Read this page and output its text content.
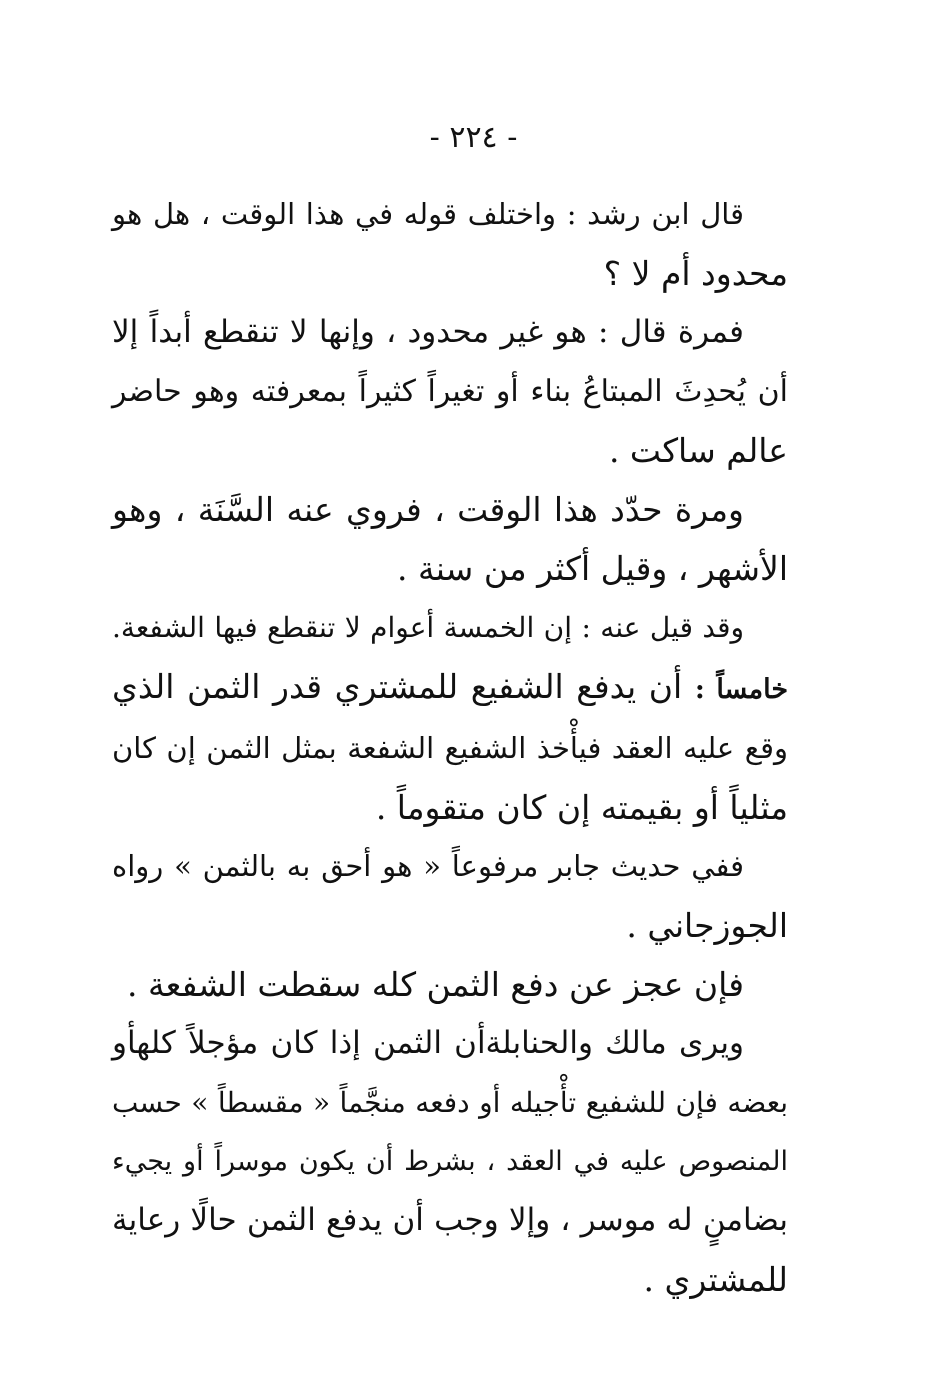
- ٢٢٤ -

قال ابن رشد : واختلف قوله في هذا الوقت ، هل هو
محدود أم لا ؟

فمرة قال : هو غير محدود ، وإنها لا تنقطع أبداً إلا
أن يُحدِثَ المبتاعُ بناء أو تغيراً كثيراً بمعرفته وهو حاضر
عالم ساكت .

ومرة حدّد هذا الوقت ، فروي عنه السَّنَة ، وهو
الأشهر ، وقيل أكثر من سنة .

وقد قيل عنه : إن الخمسة أعوام لا تنقطع فيها الشفعة.

خامساً : أن يدفع الشفيع للمشتري قدر الثمن الذي
وقع عليه العقد فيأْخذ الشفيع الشفعة بمثل الثمن إن كان
مثلياً أو بقيمته إن كان متقوماً .

ففي حديث جابر مرفوعاً « هو أحق به بالثمن » رواه
الجوزجاني .

فإن عجز عن دفع الثمن كله سقطت الشفعة .

ويرى مالك والحنابلةأن الثمن إذا كان مؤجلاً كلهأو
بعضه فإن للشفيع تأْجيله أو دفعه منجَّماً « مقسطاً » حسب
المنصوص عليه في العقد ، بشرط أن يكون موسراً أو يجيء
بضامنٍ له موسر ، وإلا وجب أن يدفع الثمن حالًا رعاية
للمشتري .
